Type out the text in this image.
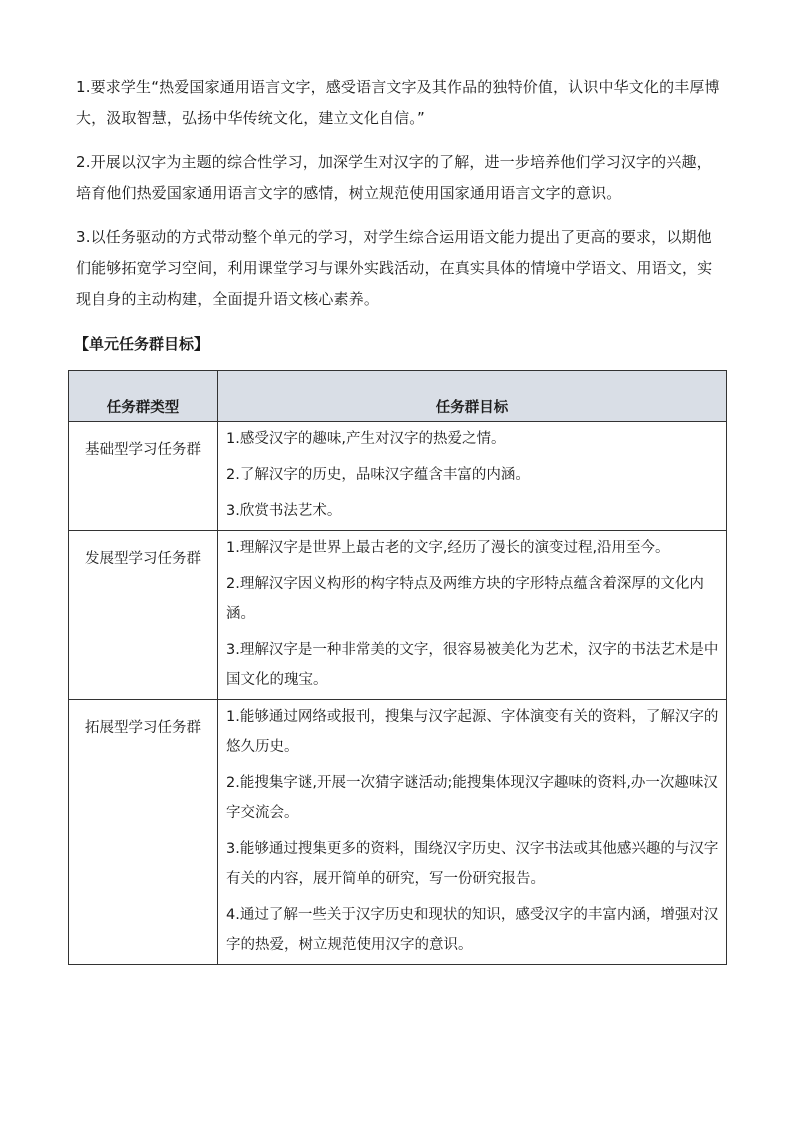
1.要求学生“热爱国家通用语言文字，感受语言文字及其作品的独特价值，认识中华文化的丰厚博大，汲取智慧，弘扬中华传统文化，建立文化自信。”

2.开展以汉字为主题的综合性学习，加深学生对汉字的了解，进一步培养他们学习汉字的兴趣，培育他们热爱国家通用语言文字的感情，树立规范使用国家通用语言文字的意识。

3.以任务驱动的方式带动整个单元的学习，对学生综合运用语文能力提出了更高的要求，以期他们能够拓宽学习空间，利用课堂学习与课外实践活动，在真实具体的情境中学语文、用语文，实现自身的主动构建，全面提升语文核心素养。

【单元任务群目标】

任务群类型	任务群目标
基础型学习任务群	1.感受汉字的趣味,产生对汉字的热爱之情。
2.了解汉字的历史，品味汉字蕴含丰富的内涵。
3.欣赏书法艺术。

发展型学习任务群	1.理解汉字是世界上最古老的文字,经历了漫长的演变过程,沿用至今。
2.理解汉字因义构形的构字特点及两维方块的字形特点蕴含着深厚的文化内涵。
3.理解汉字是一种非常美的文字，很容易被美化为艺术，汉字的书法艺术是中国文化的瑰宝。

拓展型学习任务群	1.能够通过网络或报刊，搜集与汉字起源、字体演变有关的资料，了解汉字的悠久历史。
2.能搜集字谜,开展一次猜字谜活动;能搜集体现汉字趣味的资料,办一次趣味汉字交流会。
3.能够通过搜集更多的资料，围绕汉字历史、汉字书法或其他感兴趣的与汉字有关的内容，展开简单的研究，写一份研究报告。
4.通过了解一些关于汉字历史和现状的知识，感受汉字的丰富内涵，增强对汉字的热爱，树立规范使用汉字的意识。
